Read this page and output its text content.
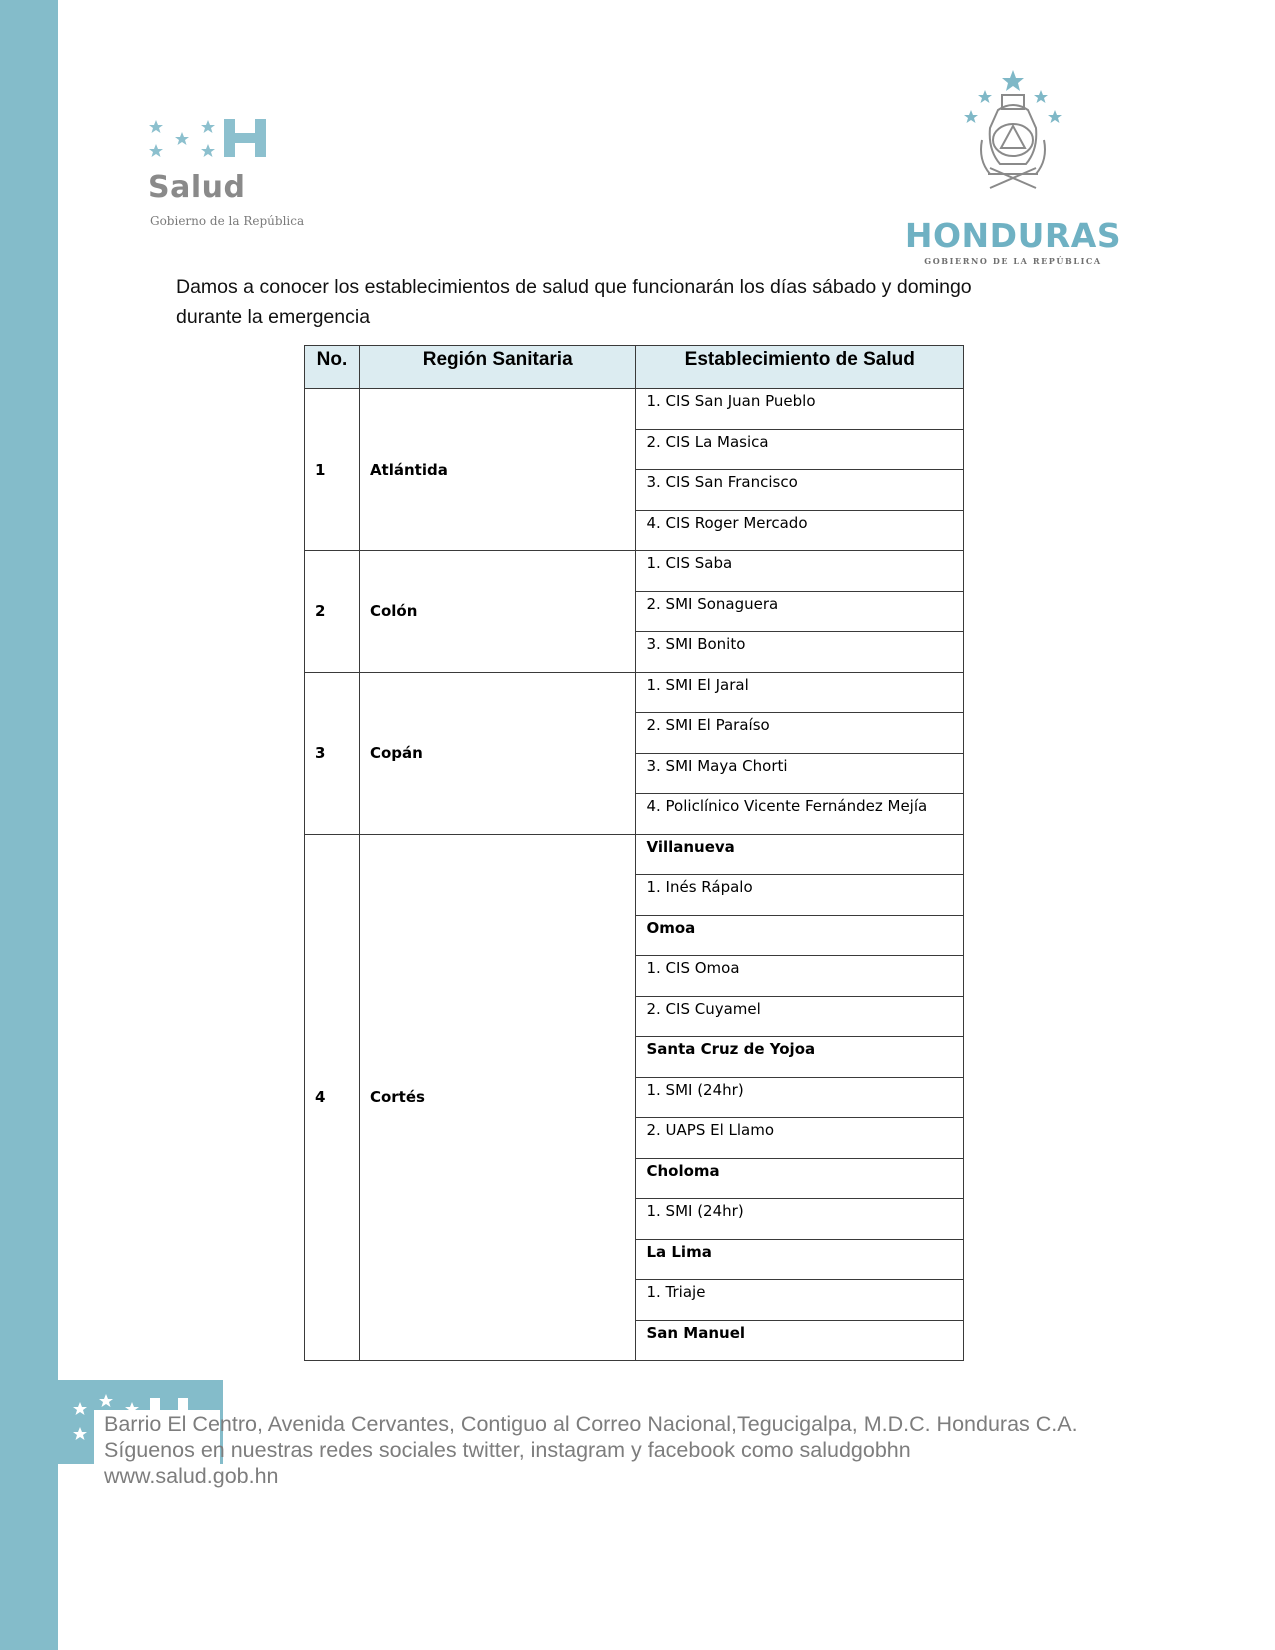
Salud
Gobierno de la República	HONDURAS
GOBIERNO DE LA REPÚBLICA
Damos a conocer los establecimientos de salud que funcionarán los días sábado y domingo
durante la emergencia
No.	Región Sanitaria	Establecimiento de Salud
1	Atlántida	1. CIS San Juan Pueblo
		2. CIS La Masica
		3. CIS San Francisco
		4. CIS Roger Mercado
2	Colón	1. CIS Saba
		2. SMI Sonaguera
		3. SMI Bonito
3	Copán	1. SMI El Jaral
		2. SMI El Paraíso
		3. SMI Maya Chorti
		4. Policlínico Vicente Fernández Mejía
4	Cortés	Villanueva
		1. Inés Rápalo
		Omoa
		1. CIS Omoa
		2. CIS Cuyamel
		Santa Cruz de Yojoa
		1. SMI (24hr)
		2. UAPS El Llamo
		Choloma
		1. SMI (24hr)
		La Lima
		1. Triaje
		San Manuel
Barrio El Centro, Avenida Cervantes, Contiguo al Correo Nacional,Tegucigalpa, M.D.C. Honduras C.A.
Síguenos en nuestras redes sociales twitter, instagram y facebook como saludgobhn
www.salud.gob.hn
